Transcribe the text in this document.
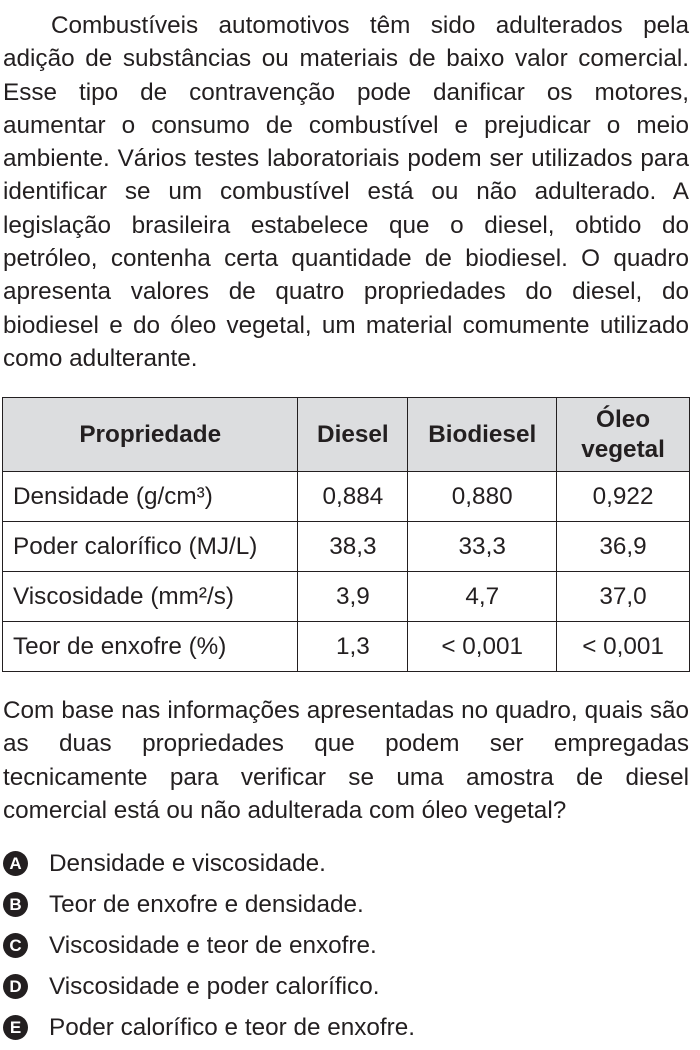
Combustíveis automotivos têm sido adulterados pela adição de substâncias ou materiais de baixo valor comercial. Esse tipo de contravenção pode danificar os motores, aumentar o consumo de combustível e prejudicar o meio ambiente. Vários testes laboratoriais podem ser utilizados para identificar se um combustível está ou não adulterado. A legislação brasileira estabelece que o diesel, obtido do petróleo, contenha certa quantidade de biodiesel. O quadro apresenta valores de quatro propriedades do diesel, do biodiesel e do óleo vegetal, um material comumente utilizado como adulterante.

Propriedade	Diesel	Biodiesel	Óleo vegetal
Densidade (g/cm³)	0,884	0,880	0,922
Poder calorífico (MJ/L)	38,3	33,3	36,9
Viscosidade (mm²/s)	3,9	4,7	37,0
Teor de enxofre (%)	1,3	< 0,001	< 0,001

Com base nas informações apresentadas no quadro, quais são as duas propriedades que podem ser empregadas tecnicamente para verificar se uma amostra de diesel comercial está ou não adulterada com óleo vegetal?

A Densidade e viscosidade.
B Teor de enxofre e densidade.
C Viscosidade e teor de enxofre.
D Viscosidade e poder calorífico.
E Poder calorífico e teor de enxofre.
